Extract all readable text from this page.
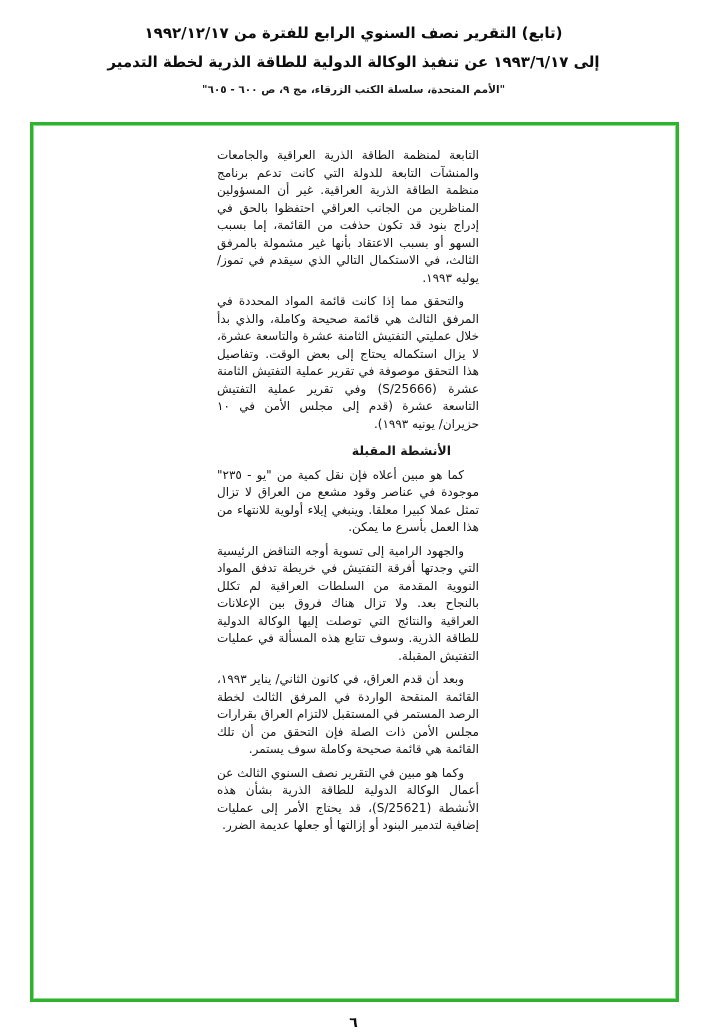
(تابع) التقرير نصف السنوي الرابع للفترة من ١٩٩٢/١٢/١٧
إلى ١٩٩٣/٦/١٧ عن تنفيذ الوكالة الدولية للطاقة الذرية لخطة التدمير
"الأمم المتحدة، سلسلة الكتب الزرقاء، مج ٩، ص ٦٠٠ - ٦٠٥"

التابعة لمنظمة الطاقة الذرية العراقية والجامعات والمنشآت التابعة للدولة التي كانت تدعم برنامج منظمة الطاقة الذرية العراقية. غير أن المسؤولين المناظرين من الجانب العراقي احتفظوا بالحق في إدراج بنود قد تكون حذفت من القائمة، إما بسبب السهو أو بسبب الاعتقاد بأنها غير مشمولة بالمرفق الثالث، في الاستكمال التالي الذي سيقدم في تموز/ يوليه ١٩٩٣.

والتحقق مما إذا كانت قائمة المواد المحددة في المرفق الثالث هي قائمة صحيحة وكاملة، والذي بدأ خلال عمليتي التفتيش الثامنة عشرة والتاسعة عشرة، لا يزال استكماله يحتاج إلى بعض الوقت. وتفاصيل هذا التحقق موصوفة في تقرير عملية التفتيش الثامنة عشرة (S/25666) وفي تقرير عملية التفتيش التاسعة عشرة (قدم إلى مجلس الأمن في ١٠ حزيران/ يونيه ١٩٩٣).

الأنشطة المقبلة

كما هو مبين أعلاه فإن نقل كمية من "يو - ٢٣٥" موجودة في عناصر وقود مشعع من العراق لا تزال تمثل عملا كبيرا معلقا. وينبغي إيلاء أولوية للانتهاء من هذا العمل بأسرع ما يمكن.

والجهود الرامية إلى تسوية أوجه التناقض الرئيسية التي وجدتها أفرقة التفتيش في خريطة تدفق المواد النووية المقدمة من السلطات العراقية لم تكلل بالنجاح بعد. ولا تزال هناك فروق بين الإعلانات العراقية والنتائج التي توصلت إليها الوكالة الدولية للطاقة الذرية. وسوف تتابع هذه المسألة في عمليات التفتيش المقبلة.

وبعد أن قدم العراق، في كانون الثاني/ يناير ١٩٩٣، القائمة المنقحة الواردة في المرفق الثالث لخطة الرصد المستمر في المستقبل لالتزام العراق بقرارات مجلس الأمن ذات الصلة فإن التحقق من أن تلك القائمة هي قائمة صحيحة وكاملة سوف يستمر.

وكما هو مبين في التقرير نصف السنوي الثالث عن أعمال الوكالة الدولية للطاقة الذرية بشأن هذه الأنشطة (S/25621)، قد يحتاج الأمر إلى عمليات إضافية لتدمير البنود أو إزالتها أو جعلها عديمة الضرر.

٦
